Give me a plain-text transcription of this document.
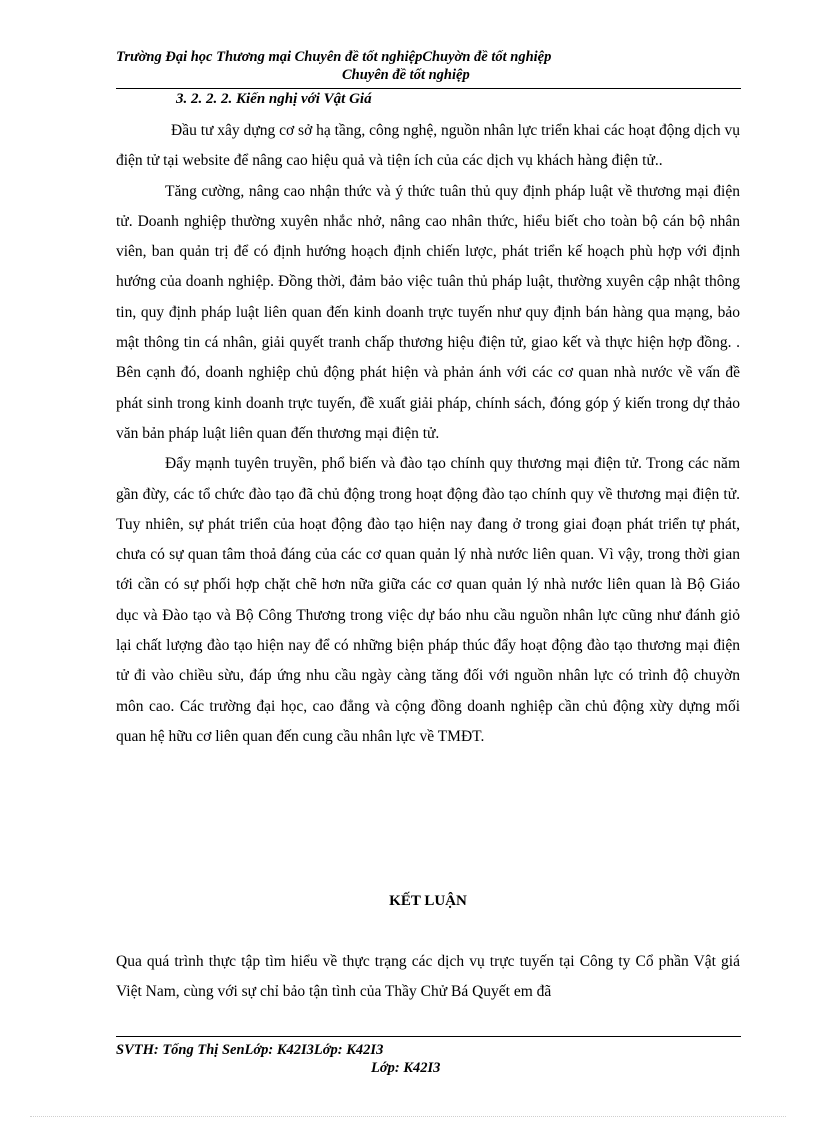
Trường Đại học Thương mại Chuyên đề tốt nghiệpChuyờn đề tốt nghiệp
Chuyên đề tốt nghiệp
3. 2. 2. 2. Kiến nghị với Vật Giá

Đầu tư xây dựng cơ sở hạ tầng, công nghệ, nguồn nhân lực triển khai các hoạt động dịch vụ điện tử tại website để nâng cao hiệu quả và tiện ích của các dịch vụ khách hàng điện tử..

Tăng cường, nâng cao nhận thức và ý thức tuân thủ quy định pháp luật về thương mại điện tử. Doanh nghiệp thường xuyên nhắc nhở, nâng cao nhân thức, hiểu biết cho toàn bộ cán bộ nhân viên, ban quản trị để có định hướng hoạch định chiến lược, phát triển kế hoạch phù hợp với định hướng của doanh nghiệp. Đồng thời, đảm bảo việc tuân thủ pháp luật, thường xuyên cập nhật thông tin, quy định pháp luật liên quan đến kinh doanh trực tuyến như quy định bán hàng qua mạng, bảo mật thông tin cá nhân, giải quyết tranh chấp thương hiệu điện tử, giao kết và thực hiện hợp đồng. . Bên cạnh đó, doanh nghiệp chủ động phát hiện và phản ánh với các cơ quan nhà nước về vấn đề phát sinh trong kinh doanh trực tuyến, đề xuất giải pháp, chính sách, đóng góp ý kiến trong dự thảo văn bản pháp luật liên quan đến thương mại điện tử.

Đẩy mạnh tuyên truyền, phổ biến và đào tạo chính quy thương mại điện tử. Trong các năm gần đừy, các tổ chức đào tạo đã chủ động trong hoạt động đào tạo chính quy về thương mại điện tử. Tuy nhiên, sự phát triển của hoạt động đào tạo hiện nay đang ở trong giai đoạn phát triển tự phát, chưa có sự quan tâm thoả đáng của các cơ quan quản lý nhà nước liên quan. Vì vậy, trong thời gian tới cần có sự phối hợp chặt chẽ hơn nữa giữa các cơ quan quản lý nhà nước liên quan là Bộ Giáo dục và Đào tạo và Bộ Công Thương trong việc dự báo nhu cầu nguồn nhân lực cũng như đánh giỏ lại chất lượng đào tạo hiện nay để có những biện pháp thúc đẩy hoạt động đào tạo thương mại điện tử đi vào chiều sừu, đáp ứng nhu cầu ngày càng tăng đối với nguồn nhân lực có trình độ chuyờn môn cao. Các trường đại học, cao đẳng và cộng đồng doanh nghiệp cần chủ động xừy dựng mối quan hệ hữu cơ liên quan đến cung cầu nhân lực về TMĐT.

KẾT LUẬN
Qua quá trình thực tập tìm hiểu về thực trạng các dịch vụ trực tuyến tại Công ty Cổ phần Vật giá Việt Nam, cùng với sự chỉ bảo tận tình của Thầy Chử Bá Quyết em đã
SVTH: Tống Thị SenLớp: K42I3Lớp: K42I3
Lớp: K42I3
